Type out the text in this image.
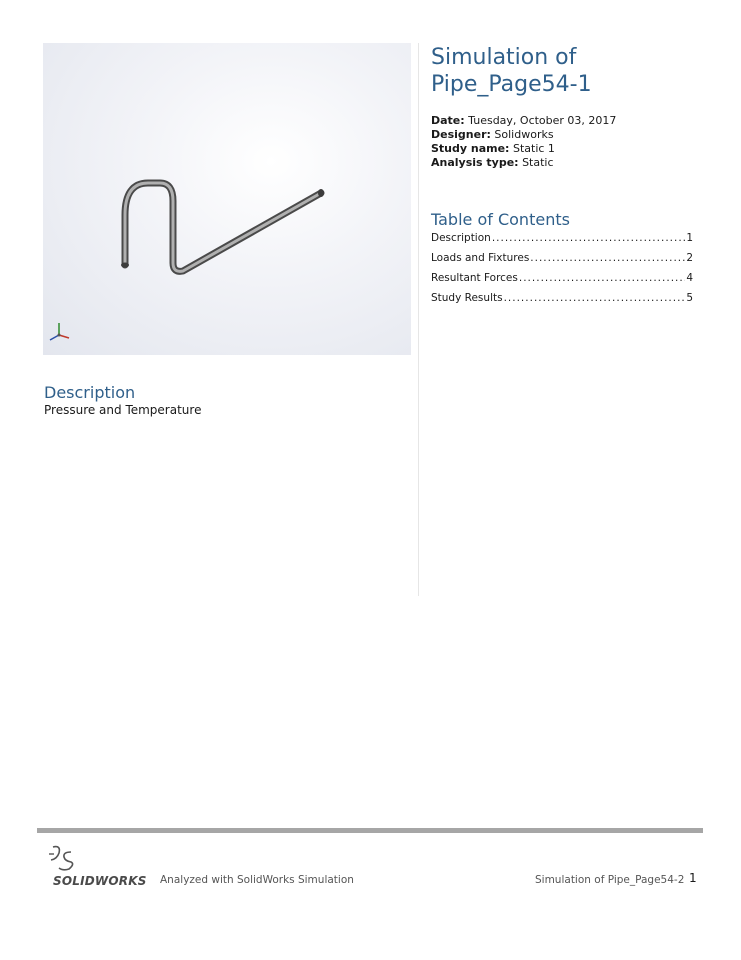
Simulation of
Pipe_Page54-1
Date: Tuesday, October 03, 2017
Designer: Solidworks
Study name: Static 1
Analysis type: Static
Table of Contents
Description .....	1
Loads and Fixtures .....	2
Resultant Forces .....	4
Study Results .....	5
Description
Pressure and Temperature
SOLIDWORKS Analyzed with SolidWorks Simulation	Simulation of Pipe_Page54-2 1
